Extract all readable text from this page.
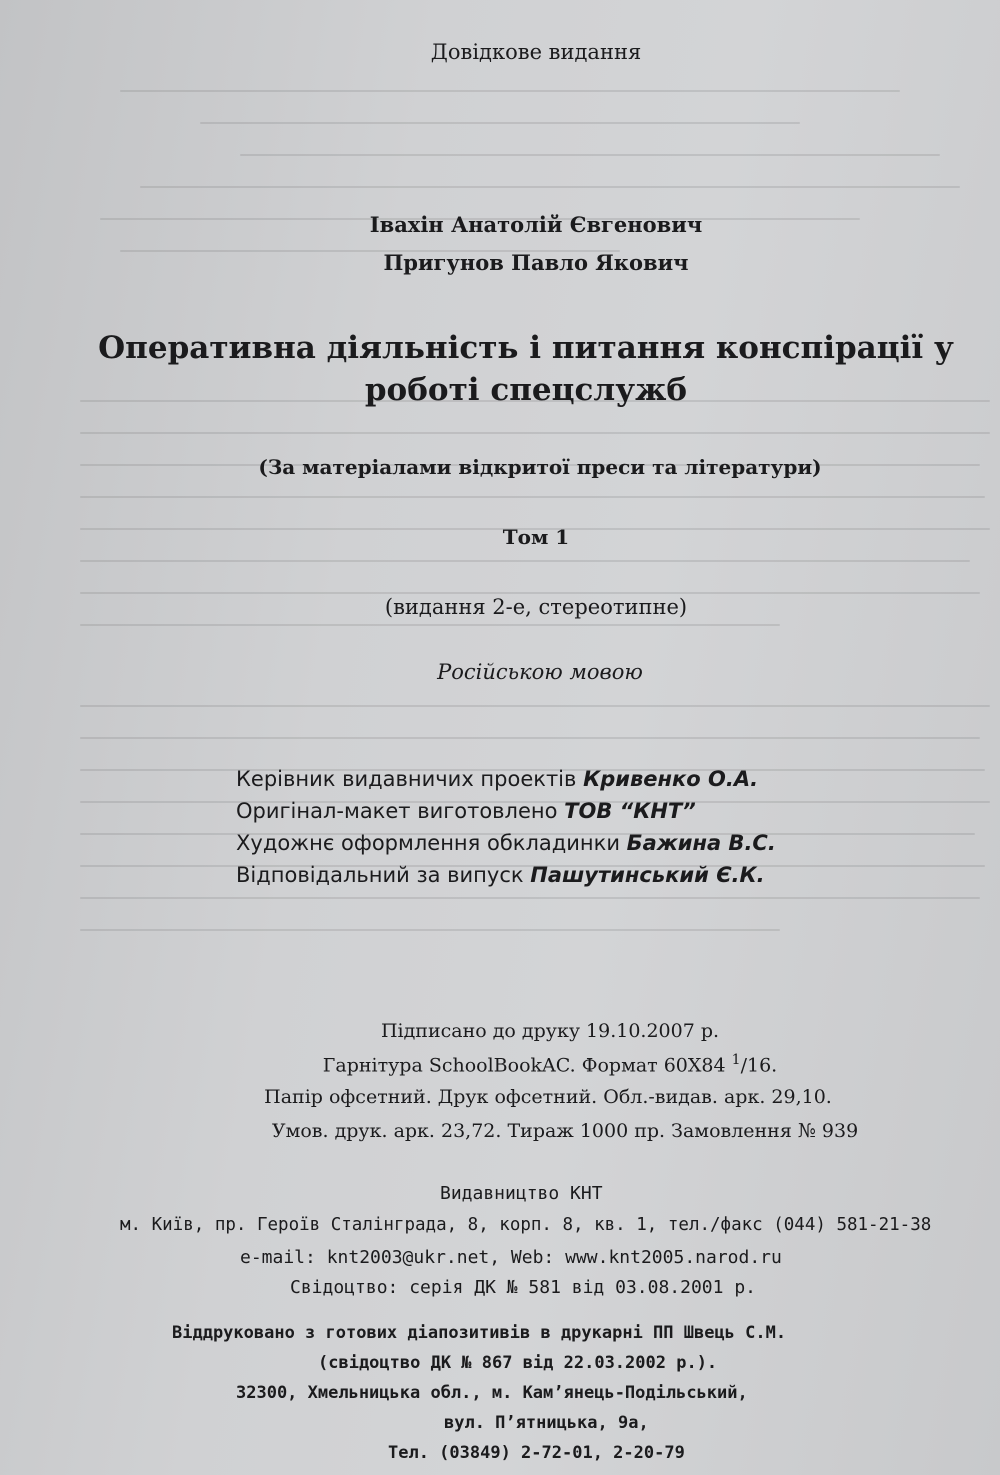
Довідкове видання
Івахін Анатолій Євгенович
Пригунов Павло Якович
Оперативна діяльність і питання конспірації у
роботі спецслужб
(За матеріалами відкритої преси та літератури)
Том 1
(видання 2-е, стереотипне)
Російською мовою
Керівник видавничих проектів Кривенко О.А.
Оригінал-макет виготовлено ТОВ “КНТ”
Художнє оформлення обкладинки Бажина В.С.
Відповідальний за випуск Пашутинський Є.К.
Підписано до друку 19.10.2007 р.
Гарнітура SchoolBookAC. Формат 60Х84 $^1$/16.
Папір офсетний. Друк офсетний. Обл.-видав. арк. 29,10.
Умов. друк. арк. 23,72. Тираж 1000 пр. Замовлення № 939
Видавництво КНТ
м. Київ, пр. Героїв Сталінграда, 8, корп. 8, кв. 1, тел./факс (044) 581-21-38
e-mail: knt2003@ukr.net, Web: www.knt2005.narod.ru
Свідоцтво: серія ДК № 581 від 03.08.2001 р.
Віддруковано з готових діапозитивів в друкарні ПП Швець С.М.
(свідоцтво ДК № 867 від 22.03.2002 р.).
32300, Хмельницька обл., м. Кам’янець-Подільський,
вул. П’ятницька, 9а,
Тел. (03849) 2-72-01, 2-20-79
